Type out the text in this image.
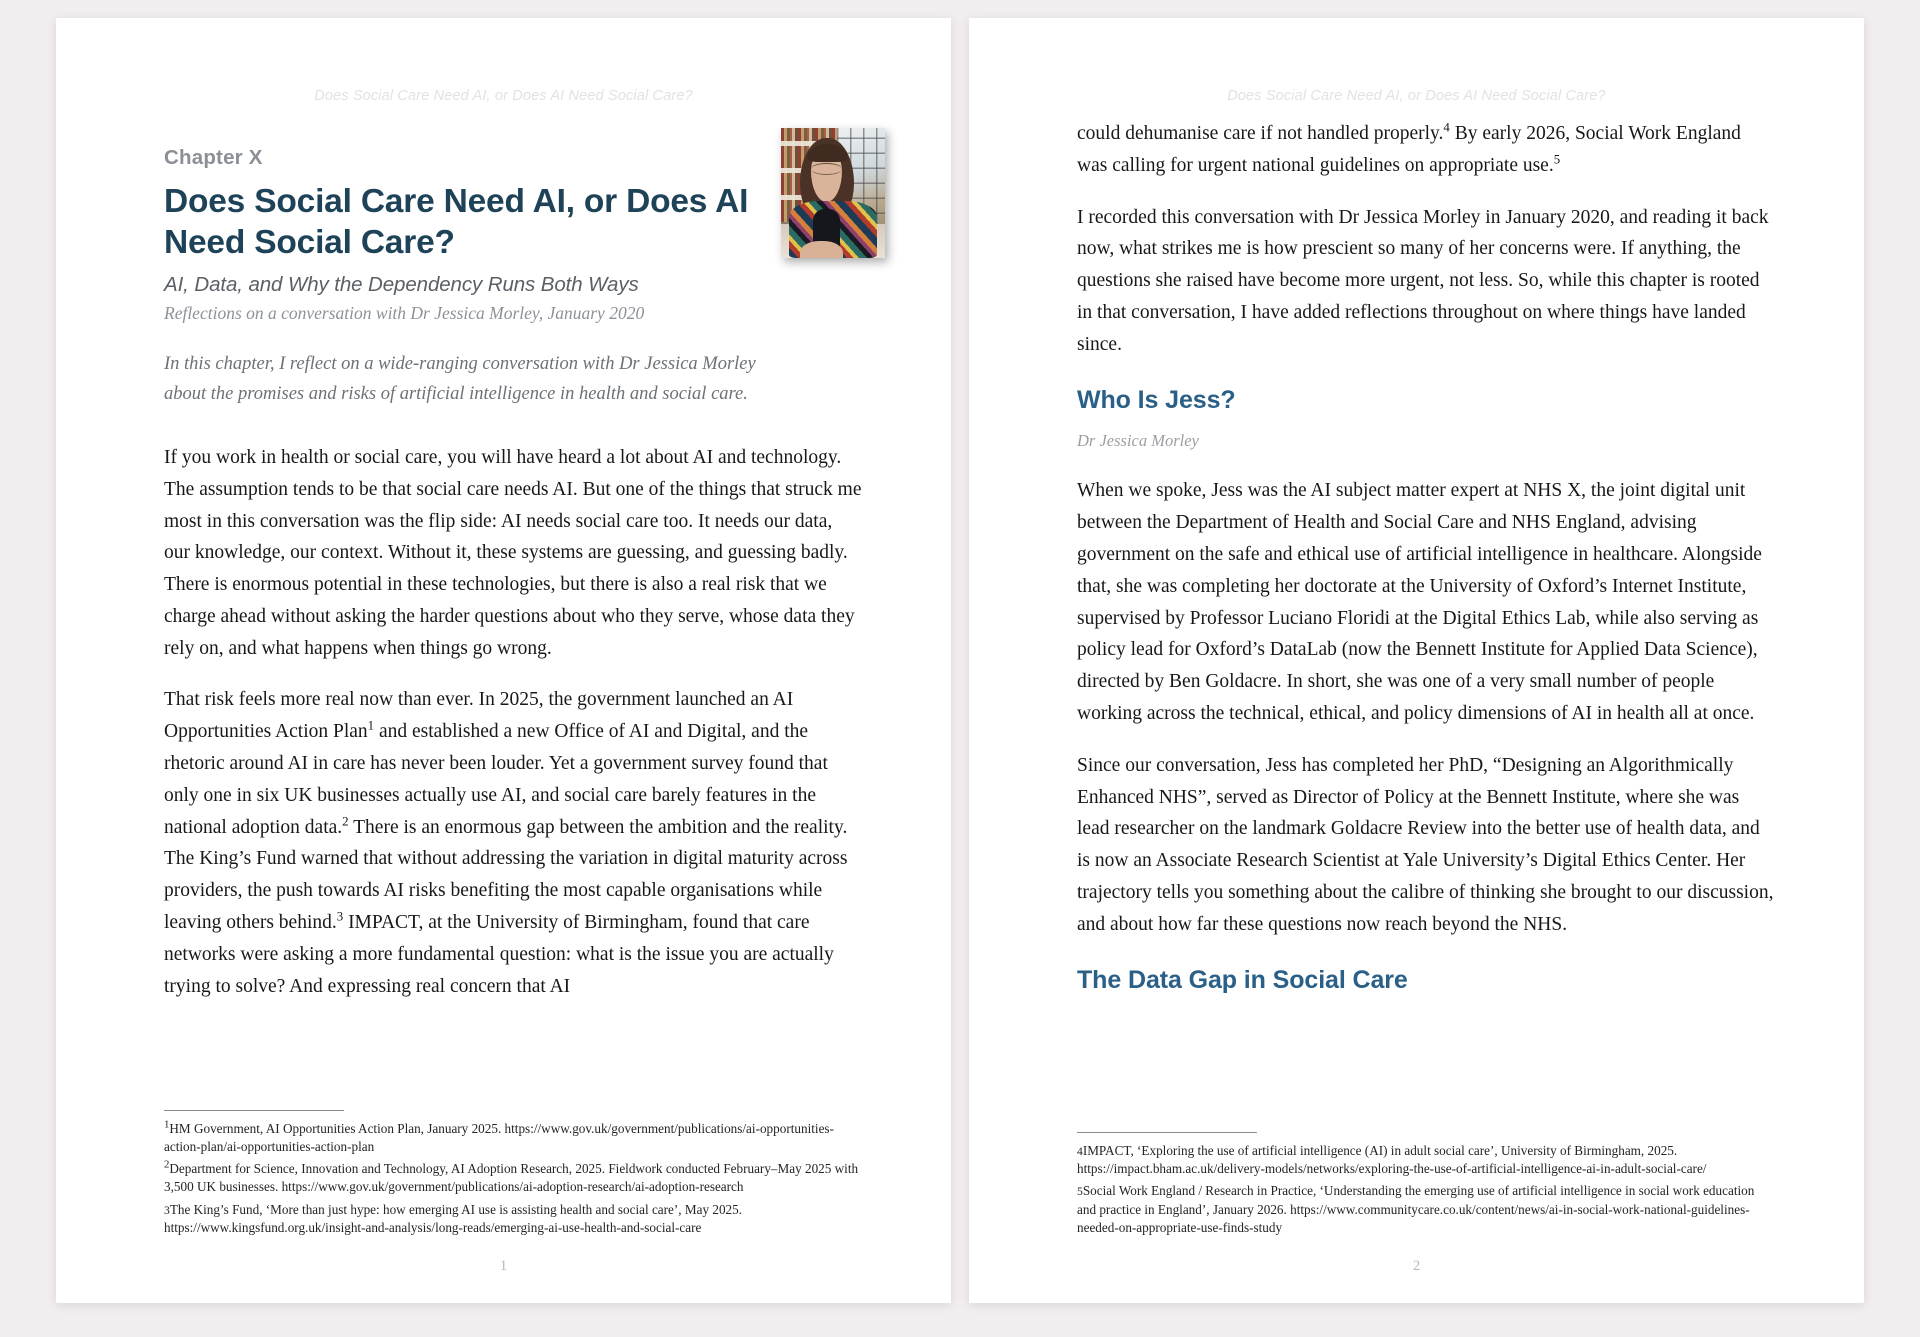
Does Social Care Need AI, or Does AI Need Social Care?

Chapter X

Does Social Care Need AI, or Does AI Need Social Care?

AI, Data, and Why the Dependency Runs Both Ways

Reflections on a conversation with Dr Jessica Morley, January 2020

In this chapter, I reflect on a wide-ranging conversation with Dr Jessica Morley about the promises and risks of artificial intelligence in health and social care.

If you work in health or social care, you will have heard a lot about AI and technology. The assumption tends to be that social care needs AI. But one of the things that struck me most in this conversation was the flip side: AI needs social care too. It needs our data, our knowledge, our context. Without it, these systems are guessing, and guessing badly. There is enormous potential in these technologies, but there is also a real risk that we charge ahead without asking the harder questions about who they serve, whose data they rely on, and what happens when things go wrong.

That risk feels more real now than ever. In 2025, the government launched an AI Opportunities Action Plan$^1$ and established a new Office of AI and Digital, and the rhetoric around AI in care has never been louder. Yet a government survey found that only one in six UK businesses actually use AI, and social care barely features in the national adoption data.$^2$ There is an enormous gap between the ambition and the reality. The King’s Fund warned that without addressing the variation in digital maturity across providers, the push towards AI risks benefiting the most capable organisations while leaving others behind.$^3$ IMPACT, at the University of Birmingham, found that care networks were asking a more fundamental question: what is the issue you are actually trying to solve? And expressing real concern that AI

$^1$HM Government, AI Opportunities Action Plan, January 2025. https://www.gov.uk/government/publications/ai-opportunities-action-plan/ai-opportunities-action-plan

$^2$Department for Science, Innovation and Technology, AI Adoption Research, 2025. Fieldwork conducted February–May 2025 with 3,500 UK businesses. https://www.gov.uk/government/publications/ai-adoption-research/ai-adoption-research

3The King’s Fund, ‘More than just hype: how emerging AI use is assisting health and social care’, May 2025. https://www.kingsfund.org.uk/insight-and-analysis/long-reads/emerging-ai-use-health-and-social-care

1
Does Social Care Need AI, or Does AI Need Social Care?

could dehumanise care if not handled properly.$^4$ By early 2026, Social Work England was calling for urgent national guidelines on appropriate use.$^5$

I recorded this conversation with Dr Jessica Morley in January 2020, and reading it back now, what strikes me is how prescient so many of her concerns were. If anything, the questions she raised have become more urgent, not less. So, while this chapter is rooted in that conversation, I have added reflections throughout on where things have landed since.

Who Is Jess?

Dr Jessica Morley

When we spoke, Jess was the AI subject matter expert at NHS X, the joint digital unit between the Department of Health and Social Care and NHS England, advising government on the safe and ethical use of artificial intelligence in healthcare. Alongside that, she was completing her doctorate at the University of Oxford’s Internet Institute, supervised by Professor Luciano Floridi at the Digital Ethics Lab, while also serving as policy lead for Oxford’s DataLab (now the Bennett Institute for Applied Data Science), directed by Ben Goldacre. In short, she was one of a very small number of people working across the technical, ethical, and policy dimensions of AI in health all at once.

Since our conversation, Jess has completed her PhD, “Designing an Algorithmically Enhanced NHS”, served as Director of Policy at the Bennett Institute, where she was lead researcher on the landmark Goldacre Review into the better use of health data, and is now an Associate Research Scientist at Yale University’s Digital Ethics Center. Her trajectory tells you something about the calibre of thinking she brought to our discussion, and about how far these questions now reach beyond the NHS.

The Data Gap in Social Care

4IMPACT, ‘Exploring the use of artificial intelligence (AI) in adult social care’, University of Birmingham, 2025. https://impact.bham.ac.uk/delivery-models/networks/exploring-the-use-of-artificial-intelligence-ai-in-adult-social-care/

5Social Work England / Research in Practice, ‘Understanding the emerging use of artificial intelligence in social work education and practice in England’, January 2026. https://www.communitycare.co.uk/content/news/ai-in-social-work-national-guidelines-needed-on-appropriate-use-finds-study

2
